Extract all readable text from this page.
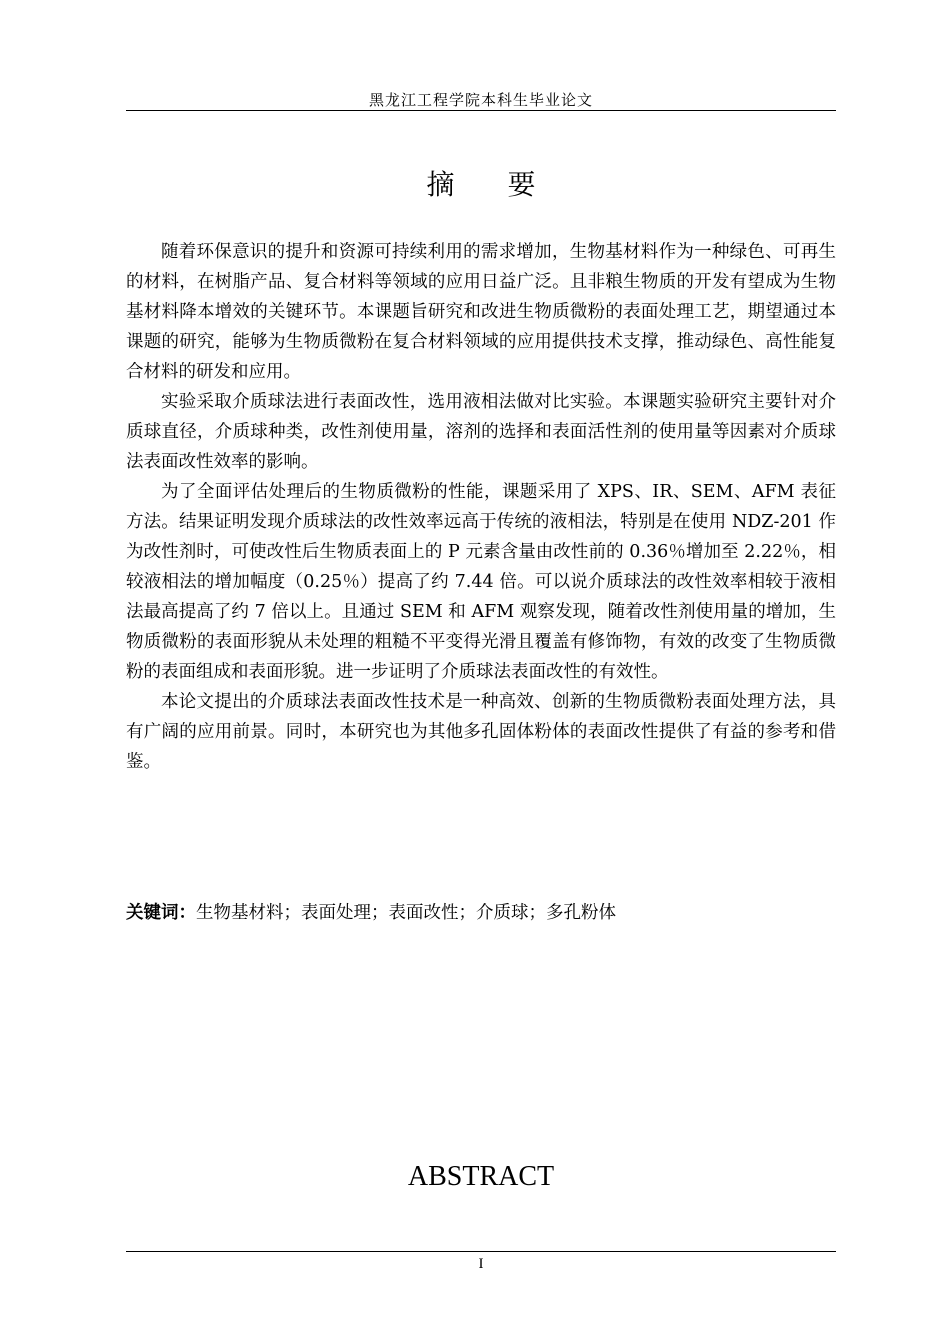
黑龙江工程学院本科生毕业论文
摘 要

随着环保意识的提升和资源可持续利用的需求增加，生物基材料作为一种绿色、可再生的材料，在树脂产品、复合材料等领域的应用日益广泛。且非粮生物质的开发有望成为生物基材料降本增效的关键环节。本课题旨研究和改进生物质微粉的表面处理工艺，期望通过本课题的研究，能够为生物质微粉在复合材料领域的应用提供技术支撑，推动绿色、高性能复合材料的研发和应用。

实验采取介质球法进行表面改性，选用液相法做对比实验。本课题实验研究主要针对介质球直径，介质球种类，改性剂使用量，溶剂的选择和表面活性剂的使用量等因素对介质球法表面改性效率的影响。

为了全面评估处理后的生物质微粉的性能，课题采用了 XPS、IR、SEM、AFM 表征方法。结果证明发现介质球法的改性效率远高于传统的液相法，特别是在使用 NDZ-201 作为改性剂时，可使改性后生物质表面上的 P 元素含量由改性前的 0.36％增加至 2.22％，相较液相法的增加幅度（0.25％）提高了约 7.44 倍。可以说介质球法的改性效率相较于液相法最高提高了约 7 倍以上。且通过 SEM 和 AFM 观察发现，随着改性剂使用量的增加，生物质微粉的表面形貌从未处理的粗糙不平变得光滑且覆盖有修饰物，有效的改变了生物质微粉的表面组成和表面形貌。进一步证明了介质球法表面改性的有效性。

本论文提出的介质球法表面改性技术是一种高效、创新的生物质微粉表面处理方法，具有广阔的应用前景。同时，本研究也为其他多孔固体粉体的表面改性提供了有益的参考和借鉴。

关键词：生物基材料；表面处理；表面改性；介质球；多孔粉体
ABSTRACT
I
